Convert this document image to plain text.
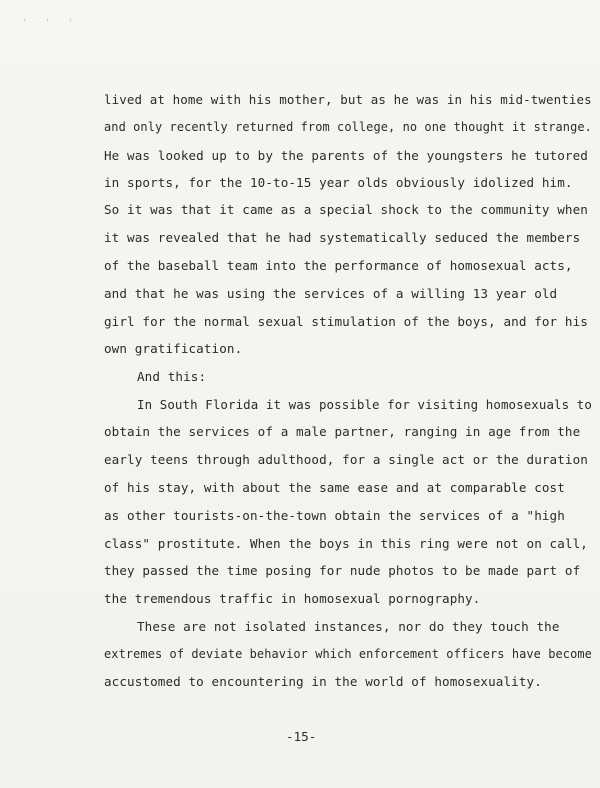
' ' '
lived at home with his mother, but as he was in his mid-twenties
and only recently returned from college, no one thought it strange.
He was looked up to by the parents of the youngsters he tutored
in sports, for the 10-to-15 year olds obviously idolized him.
So it was that it came as a special shock to the community when
it was revealed that he had systematically seduced the members
of the baseball team into the performance of homosexual acts,
and that he was using the services of a willing 13 year old
girl for the normal sexual stimulation of the boys, and for his
own gratification.
And this:
In South Florida it was possible for visiting homosexuals to
obtain the services of a male partner, ranging in age from the
early teens through adulthood, for a single act or the duration
of his stay, with about the same ease and at comparable cost
as other tourists-on-the-town obtain the services of a "high
class" prostitute. When the boys in this ring were not on call,
they passed the time posing for nude photos to be made part of
the tremendous traffic in homosexual pornography.
These are not isolated instances, nor do they touch the
extremes of deviate behavior which enforcement officers have become
accustomed to encountering in the world of homosexuality.
-15-
